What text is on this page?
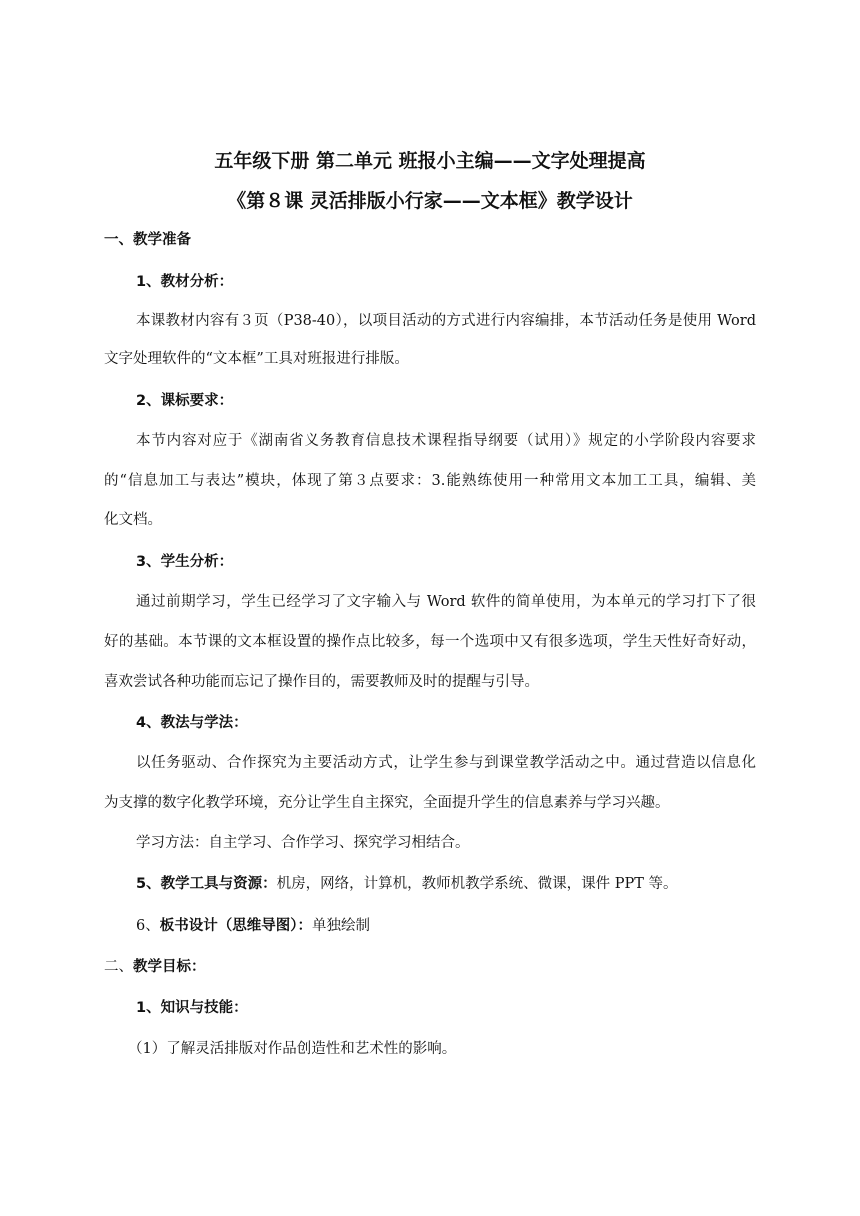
五年级下册 第二单元 班报小主编——文字处理提高
《第８课 灵活排版小行家——文本框》教学设计
一、教学准备
1、教材分析：
本课教材内容有３页（P38-40），以项目活动的方式进行内容编排，本节活动任务是使用 Word
文字处理软件的“文本框”工具对班报进行排版。
2、课标要求：
本节内容对应于《湖南省义务教育信息技术课程指导纲要（试用）》规定的小学阶段内容要求
的“信息加工与表达”模块，体现了第３点要求：3.能熟练使用一种常用文本加工工具，编辑、美
化文档。
3、学生分析：
通过前期学习，学生已经学习了文字输入与 Word 软件的简单使用，为本单元的学习打下了很
好的基础。本节课的文本框设置的操作点比较多，每一个选项中又有很多选项，学生天性好奇好动，
喜欢尝试各种功能而忘记了操作目的，需要教师及时的提醒与引导。
4、教法与学法：
以任务驱动、合作探究为主要活动方式，让学生参与到课堂教学活动之中。通过营造以信息化
为支撑的数字化教学环境，充分让学生自主探究，全面提升学生的信息素养与学习兴趣。
学习方法：自主学习、合作学习、探究学习相结合。
5、教学工具与资源：机房，网络，计算机，教师机教学系统、微课，课件 PPT 等。
6、板书设计（思维导图）：单独绘制
二、教学目标：
1、知识与技能：
（1）了解灵活排版对作品创造性和艺术性的影响。
